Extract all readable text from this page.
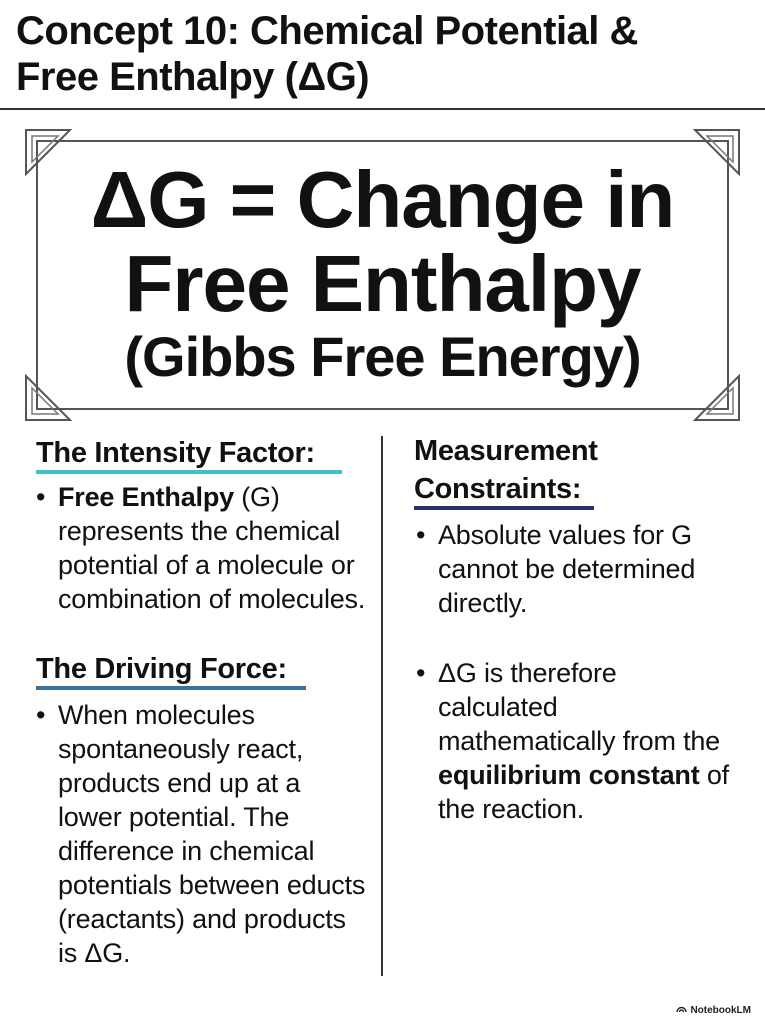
Concept 10: Chemical Potential &
Free Enthalpy (ΔG)
ΔG = Change in
Free Enthalpy
(Gibbs Free Energy)
The Intensity Factor:
• Free Enthalpy (G) represents the chemical potential of a molecule or combination of molecules.
The Driving Force:
• When molecules spontaneously react, products end up at a lower potential. The difference in chemical potentials between educts (reactants) and products is ΔG.
Measurement
Constraints:
• Absolute values for G cannot be determined directly.
• ΔG is therefore calculated mathematically from the equilibrium constant of the reaction.
NotebookLM
